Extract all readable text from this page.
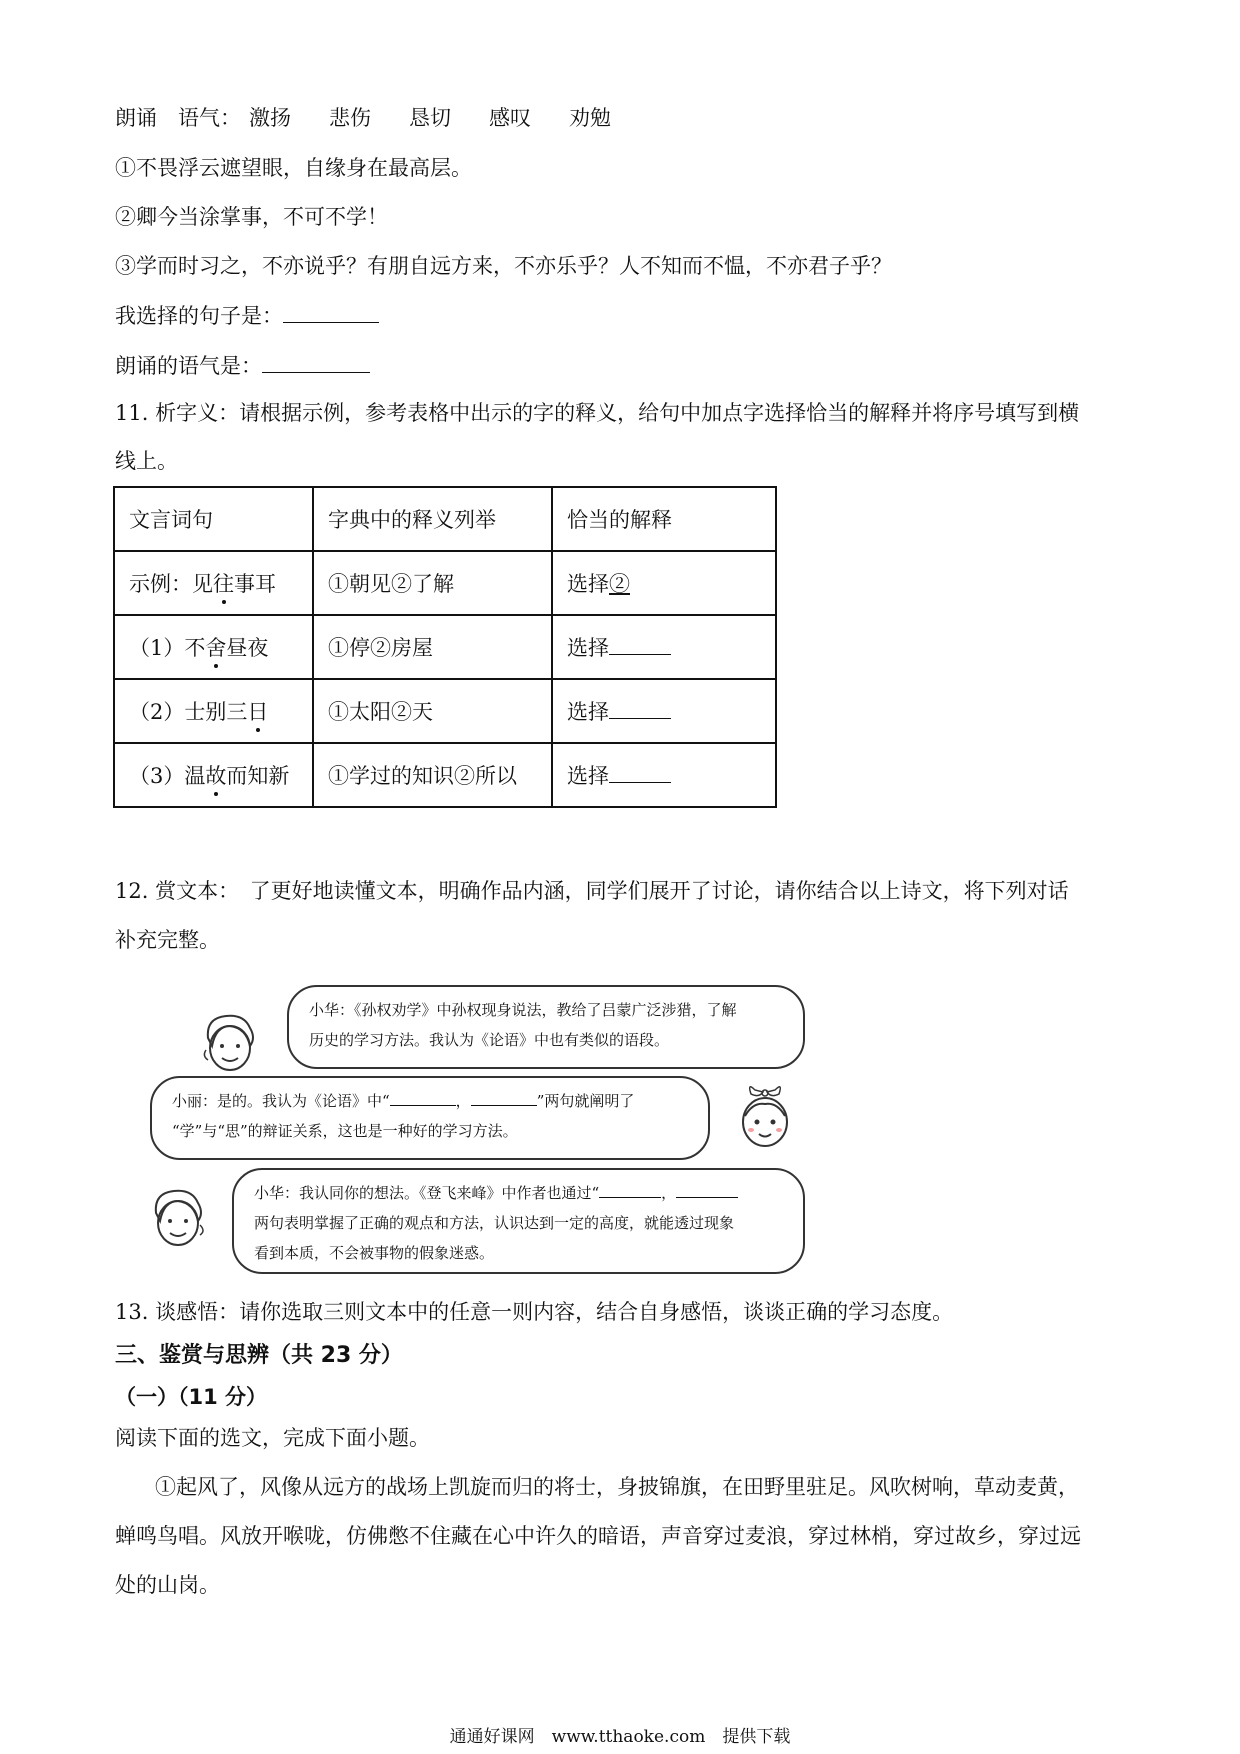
朗诵　语气： 激扬 悲伤 恳切 感叹 劝勉
①不畏浮云遮望眼，自缘身在最高层。
②卿今当涂掌事，不可不学！
③学而时习之，不亦说乎？有朋自远方来，不亦乐乎？人不知而不愠，不亦君子乎？
我选择的句子是：
朗诵的语气是：
11. 析字义：请根据示例，参考表格中出示的字的释义，给句中加点字选择恰当的解释并将序号填写到横
线上。
文言词句	字典中的释义列举	恰当的解释
示例：见往事耳	①朝见②了解	选择②
（1）不舍昼夜	①停②房屋	选择
（2）士别三日	①太阳②天	选择
（3）温故而知新	①学过的知识②所以	选择
12. 赏文本：　了更好地读懂文本，明确作品内涵，同学们展开了讨论，请你结合以上诗文，将下列对话
补充完整。
小华：《孙权劝学》中孙权现身说法，教给了吕蒙广泛涉猎，了解
历史的学习方法。我认为《论语》中也有类似的语段。
小丽：是的。我认为《论语》中“	，	”两句就阐明了
“学”与“思”的辩证关系，这也是一种好的学习方法。
小华：我认同你的想法。《登飞来峰》中作者也通过“	，
两句表明掌握了正确的观点和方法，认识达到一定的高度，就能透过现象
看到本质，不会被事物的假象迷惑。
13. 谈感悟：请你选取三则文本中的任意一则内容，结合自身感悟，谈谈正确的学习态度。
三、鉴赏与思辨（共 23 分）
（一）（11 分）
阅读下面的选文，完成下面小题。
①起风了，风像从远方的战场上凯旋而归的将士，身披锦旗，在田野里驻足。风吹树响，草动麦黄，
蝉鸣鸟唱。风放开喉咙，仿佛憋不住藏在心中许久的暗语，声音穿过麦浪，穿过林梢，穿过故乡，穿过远
处的山岗。
通通好课网　www.tthaoke.com　提供下载
